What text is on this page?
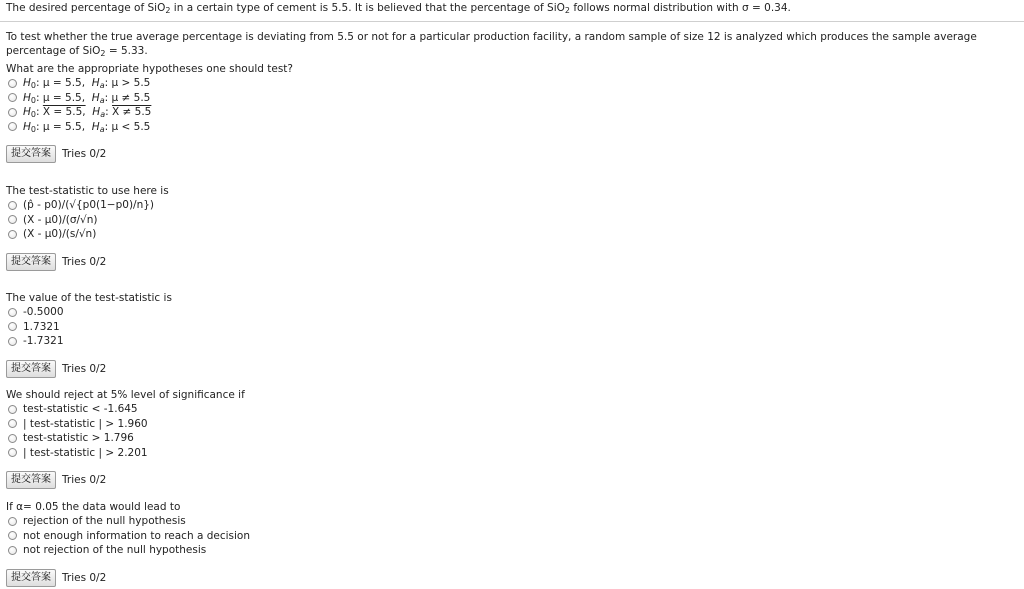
The desired percentage of SiO$_2$ in a certain type of cement is 5.5. It is believed that the percentage of SiO$_2$ follows normal distribution with σ = 0.34.
To test whether the true average percentage is deviating from 5.5 or not for a particular production facility, a random sample of size 12 is analyzed which produces the sample average percentage of SiO$_2$ = 5.33.
What are the appropriate hypotheses one should test?
$H_0$: μ = 5.5, $H_a$: μ > 5.5
$H_0$: μ = 5.5, $H_a$: μ ≠ 5.5
$H_0$: X = 5.5, $H_a$: X ≠ 5.5
$H_0$: μ = 5.5, $H_a$: μ < 5.5
提交答案	Tries 0/2
The test-statistic to use here is
(p̂ - p0)/(√{p0(1−p0)/n})
(X - μ0)/(σ/√n)
(X - μ0)/(s/√n)
提交答案	Tries 0/2
The value of the test-statistic is
-0.5000
1.7321
-1.7321
提交答案	Tries 0/2
We should reject at 5% level of significance if
test-statistic < -1.645
| test-statistic | > 1.960
test-statistic > 1.796
| test-statistic | > 2.201
提交答案	Tries 0/2
If α= 0.05 the data would lead to
rejection of the null hypothesis
not enough information to reach a decision
not rejection of the null hypothesis
提交答案	Tries 0/2
